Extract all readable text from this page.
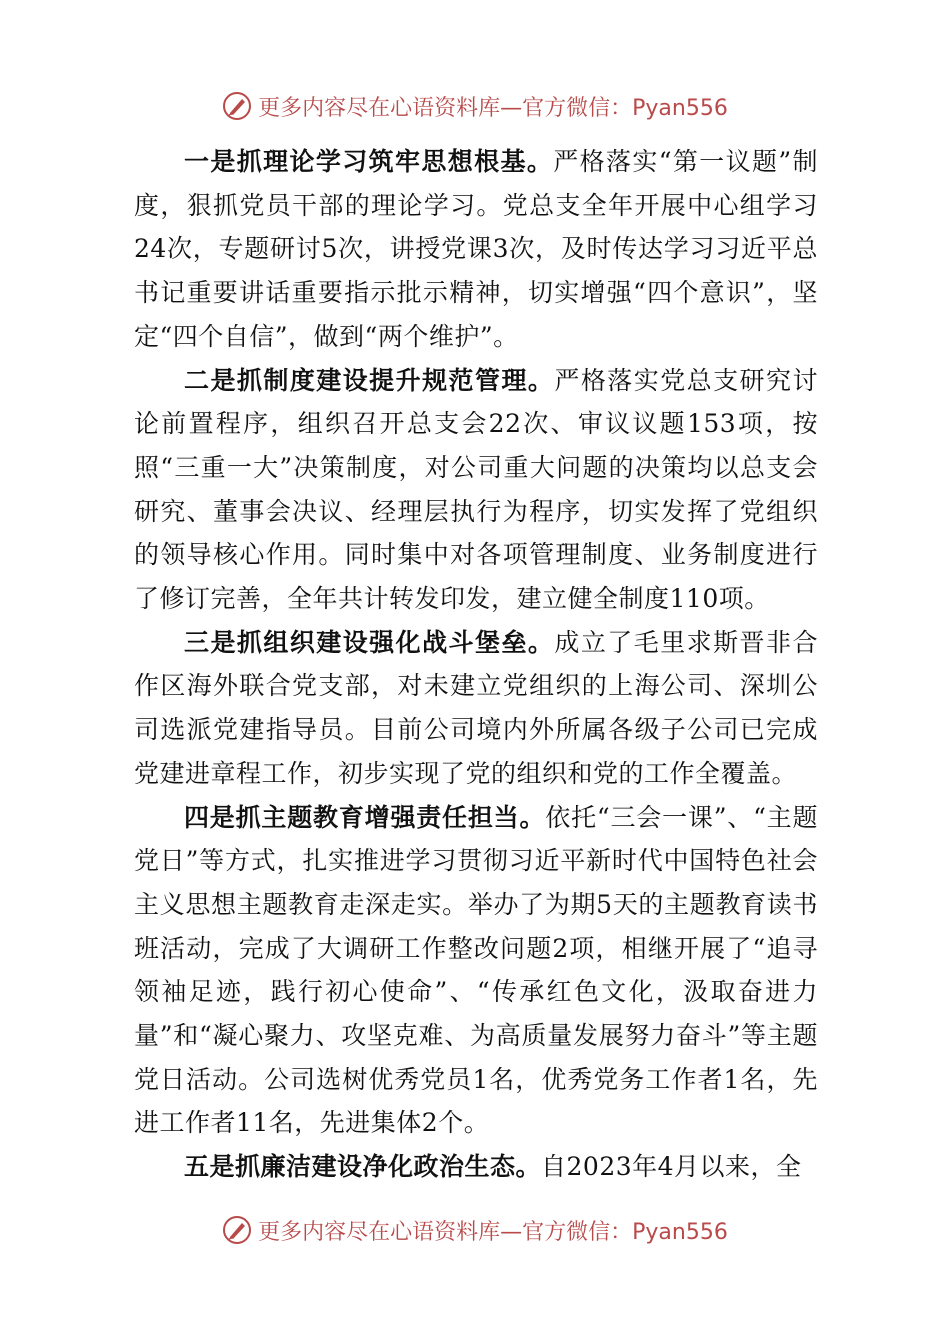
更多内容尽在心语资料库—官方微信：Pyan556

一是抓理论学习筑牢思想根基。严格落实“第一议题”制度，狠抓党员干部的理论学习。党总支全年开展中心组学习24次，专题研讨5次，讲授党课3次，及时传达学习习近平总书记重要讲话重要指示批示精神，切实增强“四个意识”，坚定“四个自信”，做到“两个维护”。

二是抓制度建设提升规范管理。严格落实党总支研究讨论前置程序，组织召开总支会22次、审议议题153项，按照“三重一大”决策制度，对公司重大问题的决策均以总支会研究、董事会决议、经理层执行为程序，切实发挥了党组织的领导核心作用。同时集中对各项管理制度、业务制度进行了修订完善，全年共计转发印发，建立健全制度110项。

三是抓组织建设强化战斗堡垒。成立了毛里求斯晋非合作区海外联合党支部，对未建立党组织的上海公司、深圳公司选派党建指导员。目前公司境内外所属各级子公司已完成党建进章程工作，初步实现了党的组织和党的工作全覆盖。

四是抓主题教育增强责任担当。依托“三会一课”、“主题党日”等方式，扎实推进学习贯彻习近平新时代中国特色社会主义思想主题教育走深走实。举办了为期5天的主题教育读书班活动，完成了大调研工作整改问题2项，相继开展了“追寻领袖足迹，践行初心使命”、“传承红色文化，汲取奋进力量”和“凝心聚力、攻坚克难、为高质量发展努力奋斗”等主题党日活动。公司选树优秀党员1名，优秀党务工作者1名，先进工作者11名，先进集体2个。

五是抓廉洁建设净化政治生态。自2023年4月以来，全

更多内容尽在心语资料库—官方微信：Pyan556
